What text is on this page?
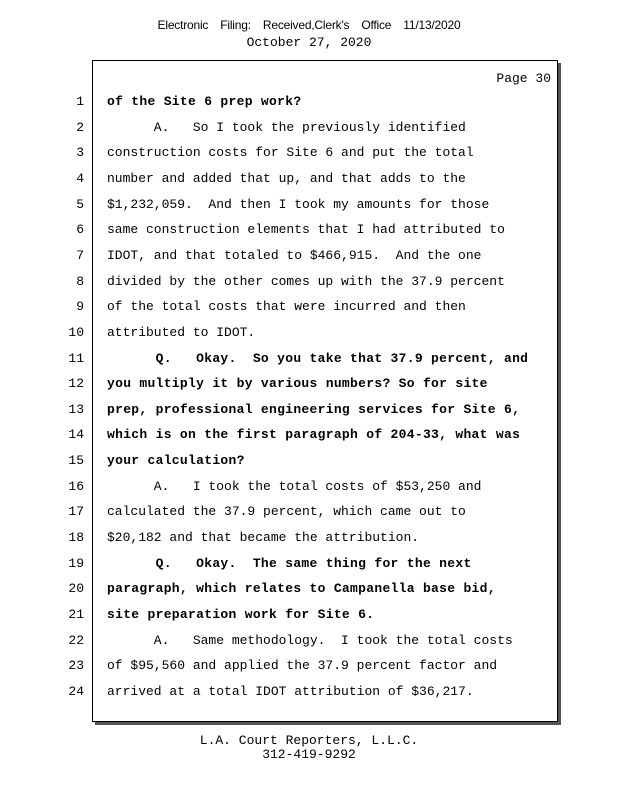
Electronic Filing: Received,Clerk's Office 11/13/2020
October 27, 2020
Page 30
1 of the Site 6 prep work?
2 A.   So I took the previously identified
3 construction costs for Site 6 and put the total
4 number and added that up, and that adds to the
5 $1,232,059.  And then I took my amounts for those
6 same construction elements that I had attributed to
7 IDOT, and that totaled to $466,915.  And the one
8 divided by the other comes up with the 37.9 percent
9 of the total costs that were incurred and then
10 attributed to IDOT.
11 Q.   Okay.  So you take that 37.9 percent, and
12 you multiply it by various numbers? So for site
13 prep, professional engineering services for Site 6,
14 which is on the first paragraph of 204-33, what was
15 your calculation?
16 A.   I took the total costs of $53,250 and
17 calculated the 37.9 percent, which came out to
18 $20,182 and that became the attribution.
19 Q.   Okay.  The same thing for the next
20 paragraph, which relates to Campanella base bid,
21 site preparation work for Site 6.
22 A.   Same methodology.  I took the total costs
23 of $95,560 and applied the 37.9 percent factor and
24 arrived at a total IDOT attribution of $36,217.
L.A. Court Reporters, L.L.C.
312-419-9292
